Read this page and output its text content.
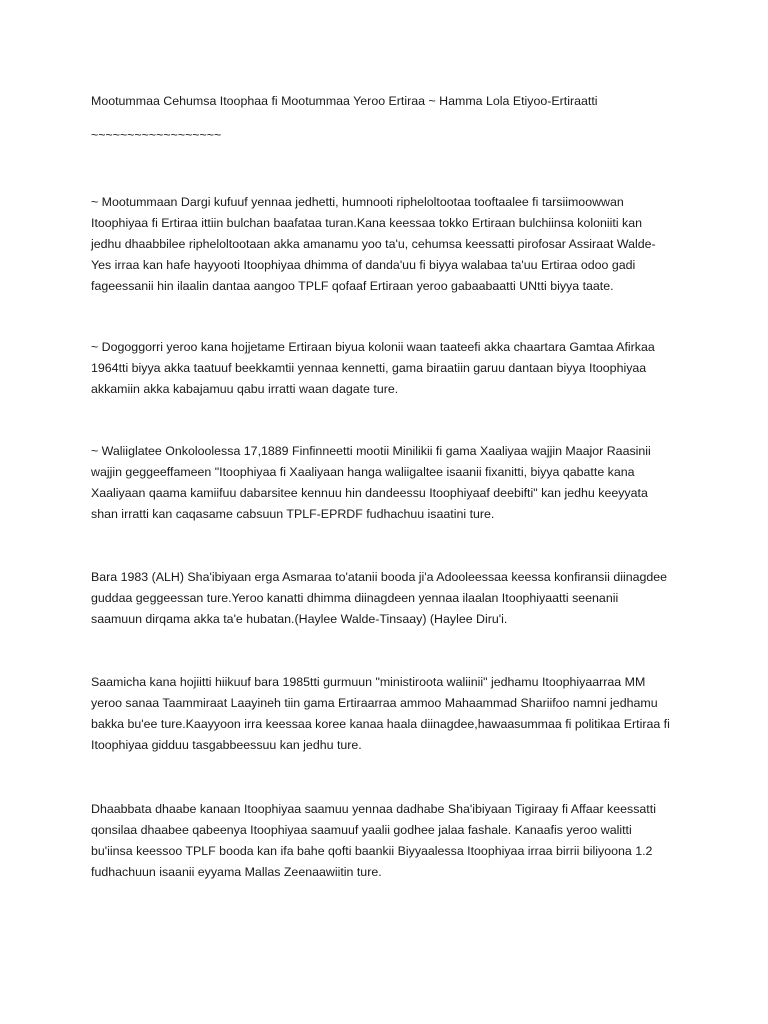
Mootummaa Cehumsa Itoophaa fi Mootummaa Yeroo Ertiraa ~ Hamma Lola Etiyoo-Ertiraatti

~~~~~~~~~~~~~~~~~~

~ Mootummaan Dargi kufuuf yennaa jedhetti, humnooti ripheloltootaa tooftaalee fi tarsiimoowwan
Itoophiyaa fi Ertiraa ittiin bulchan baafataa turan.Kana keessaa tokko Ertiraan bulchiinsa koloniiti kan
jedhu dhaabbilee ripheloltootaan akka amanamu yoo ta'u, cehumsa keessatti pirofosar Assiraat Walde-
Yes irraa kan hafe hayyooti Itoophiyaa dhimma of danda'uu fi biyya walabaa ta'uu Ertiraa odoo gadi
fageessanii hin ilaalin dantaa aangoo TPLF qofaaf Ertiraan yeroo gabaabaatti UNtti biyya taate.

~ Dogoggorri yeroo kana hojjetame Ertiraan biyua kolonii waan taateefi akka chaartara Gamtaa Afirkaa
1964tti biyya akka taatuuf beekkamtii yennaa kennetti, gama biraatiin garuu dantaan biyya Itoophiyaa
akkamiin akka kabajamuu qabu irratti waan dagate ture.

~ Waliiglatee Onkoloolessa 17,1889 Finfinneetti mootii Minilikii fi gama Xaaliyaa wajjin Maajor Raasinii
wajjin geggeeffameen "Itoophiyaa fi Xaaliyaan hanga waliigaltee isaanii fixanitti, biyya qabatte kana
Xaaliyaan qaama kamiifuu dabarsitee kennuu hin dandeessu Itoophiyaaf deebifti" kan jedhu keeyyata
shan irratti kan caqasame cabsuun TPLF-EPRDF fudhachuu isaatini ture.

Bara 1983 (ALH) Sha'ibiyaan erga Asmaraa to'atanii booda ji'a Adooleessaa keessa konfiransii diinagdee
guddaa geggeessan ture.Yeroo kanatti dhimma diinagdeen yennaa ilaalan Itoophiyaatti seenanii
saamuun dirqama akka ta'e hubatan.(Haylee Walde-Tinsaay) (Haylee Diru'i.

Saamicha kana hojiitti hiikuuf bara 1985tti gurmuun "ministiroota waliinii" jedhamu Itoophiyaarraa MM
yeroo sanaa Taammiraat Laayineh tiin gama Ertiraarraa ammoo Mahaammad Shariifoo namni jedhamu
bakka bu'ee ture.Kaayyoon irra keessaa koree kanaa haala diinagdee,hawaasummaa fi politikaa Ertiraa fi
Itoophiyaa gidduu tasgabbeessuu kan jedhu ture.

Dhaabbata dhaabe kanaan Itoophiyaa saamuu yennaa dadhabe Sha'ibiyaan Tigiraay fi Affaar keessatti
qonsilaa dhaabee qabeenya Itoophiyaa saamuuf yaalii godhee jalaa fashale. Kanaafis yeroo walitti
bu'iinsa keessoo TPLF booda kan ifa bahe qofti baankii Biyyaalessa Itoophiyaa irraa birrii biliyoona 1.2
fudhachuun isaanii eyyama Mallas Zeenaawiitin ture.
